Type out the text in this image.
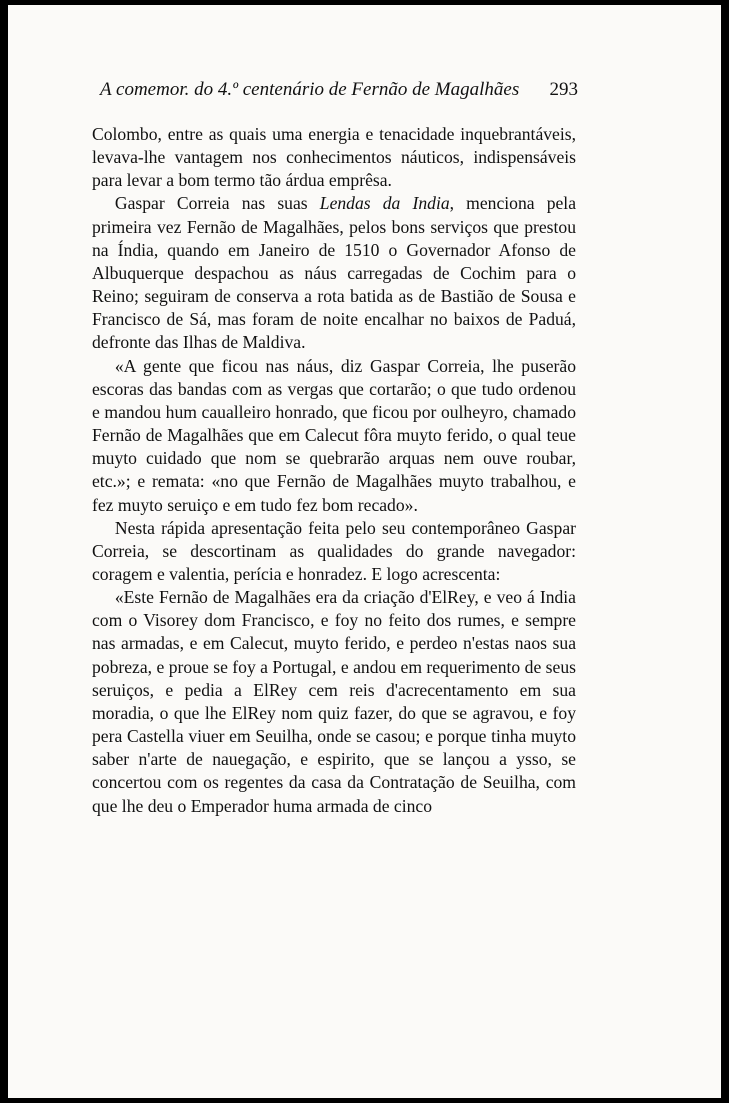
A comemor. do 4.º centenário de Fernão de Magalhães 293

Colombo, entre as quais uma energia e tenacidade inquebrantáveis, levava-lhe vantagem nos conhecimentos náuticos, indispensáveis para levar a bom termo tão árdua emprêsa.

Gaspar Correia nas suas Lendas da India, menciona pela primeira vez Fernão de Magalhães, pelos bons serviços que prestou na Índia, quando em Janeiro de 1510 o Governador Afonso de Albuquerque despachou as náus carregadas de Cochim para o Reino; seguiram de conserva a rota batida as de Bastião de Sousa e Francisco de Sá, mas foram de noite encalhar no baixos de Paduá, defronte das Ilhas de Maldiva.

«A gente que ficou nas náus, diz Gaspar Correia, lhe puserão escoras das bandas com as vergas que cortarão; o que tudo ordenou e mandou hum caualleiro honrado, que ficou por oulheyro, chamado Fernão de Magalhães que em Calecut fôra muyto ferido, o qual teue muyto cuidado que nom se quebrarão arquas nem ouve roubar, etc.»; e remata: «no que Fernão de Magalhães muyto trabalhou, e fez muyto seruiço e em tudo fez bom recado».

Nesta rápida apresentação feita pelo seu contemporâneo Gaspar Correia, se descortinam as qualidades do grande navegador: coragem e valentia, perícia e honradez. E logo acrescenta:

«Este Fernão de Magalhães era da criação d'ElRey, e veo á India com o Visorey dom Francisco, e foy no feito dos rumes, e sempre nas armadas, e em Calecut, muyto ferido, e perdeo n'estas naos sua pobreza, e proue se foy a Portugal, e andou em requerimento de seus seruiços, e pedia a ElRey cem reis d'acrecentamento em sua moradia, o que lhe ElRey nom quiz fazer, do que se agravou, e foy pera Castella viuer em Seuilha, onde se casou; e porque tinha muyto saber n'arte de nauegação, e espirito, que se lançou a ysso, se concertou com os regentes da casa da Contratação de Seuilha, com que lhe deu o Emperador huma armada de cinco
